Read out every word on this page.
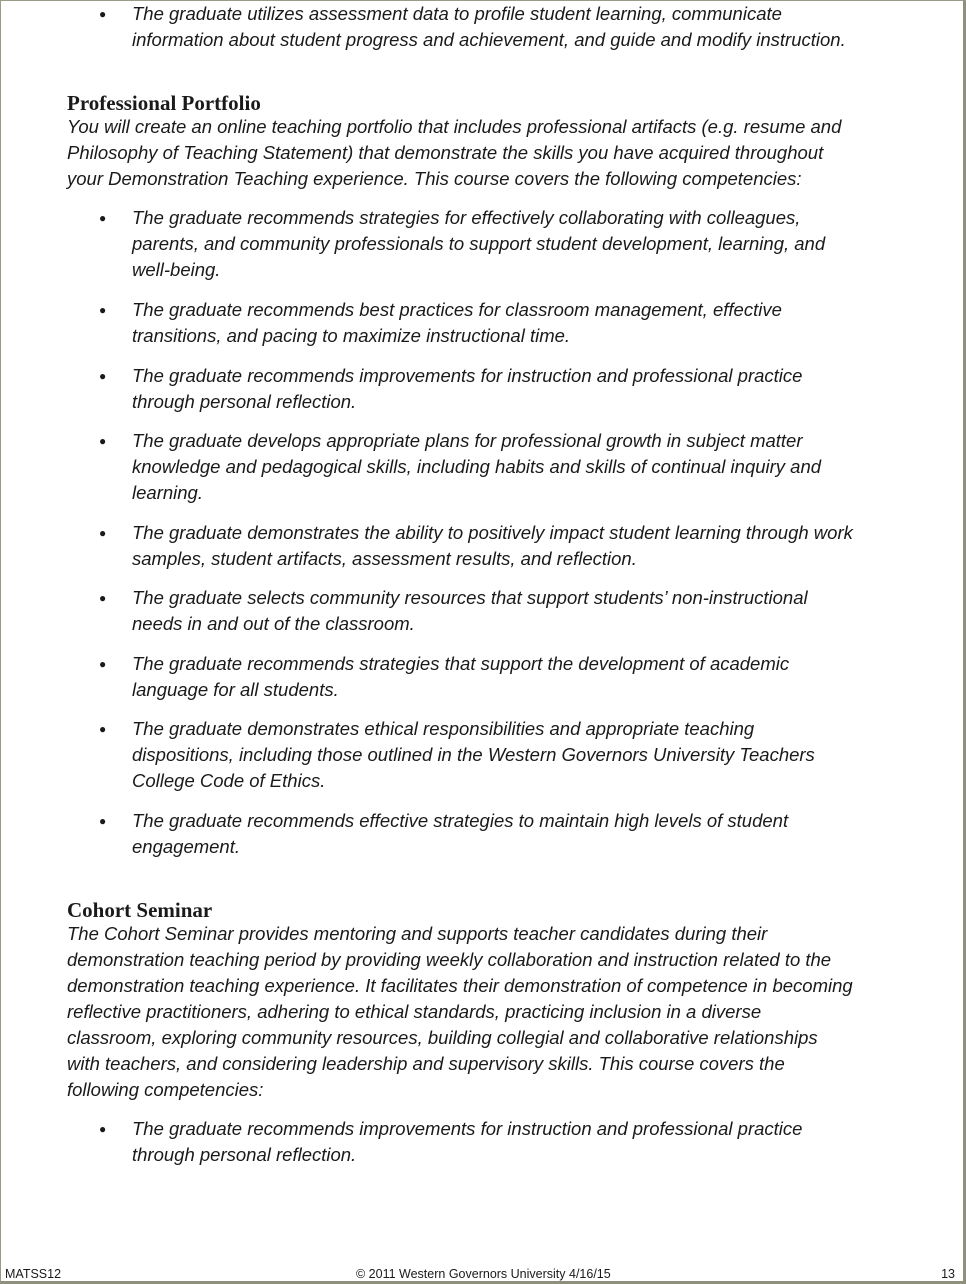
● The graduate utilizes assessment data to profile student learning, communicate
information about student progress and achievement, and guide and modify instruction.
Professional Portfolio
You will create an online teaching portfolio that includes professional artifacts (e.g. resume and
Philosophy of Teaching Statement) that demonstrate the skills you have acquired throughout
your Demonstration Teaching experience. This course covers the following competencies:
● The graduate recommends strategies for effectively collaborating with colleagues,
parents, and community professionals to support student development, learning, and
well-being.
● The graduate recommends best practices for classroom management, effective
transitions, and pacing to maximize instructional time.
● The graduate recommends improvements for instruction and professional practice
through personal reflection.
● The graduate develops appropriate plans for professional growth in subject matter
knowledge and pedagogical skills, including habits and skills of continual inquiry and
learning.
● The graduate demonstrates the ability to positively impact student learning through work
samples, student artifacts, assessment results, and reflection.
● The graduate selects community resources that support students’ non-instructional
needs in and out of the classroom.
● The graduate recommends strategies that support the development of academic
language for all students.
● The graduate demonstrates ethical responsibilities and appropriate teaching
dispositions, including those outlined in the Western Governors University Teachers
College Code of Ethics.
● The graduate recommends effective strategies to maintain high levels of student
engagement.
Cohort Seminar
The Cohort Seminar provides mentoring and supports teacher candidates during their
demonstration teaching period by providing weekly collaboration and instruction related to the
demonstration teaching experience. It facilitates their demonstration of competence in becoming
reflective practitioners, adhering to ethical standards, practicing inclusion in a diverse
classroom, exploring community resources, building collegial and collaborative relationships
with teachers, and considering leadership and supervisory skills. This course covers the
following competencies:
● The graduate recommends improvements for instruction and professional practice
through personal reflection.
MATSS12	© 2011 Western Governors University 4/16/15	13
